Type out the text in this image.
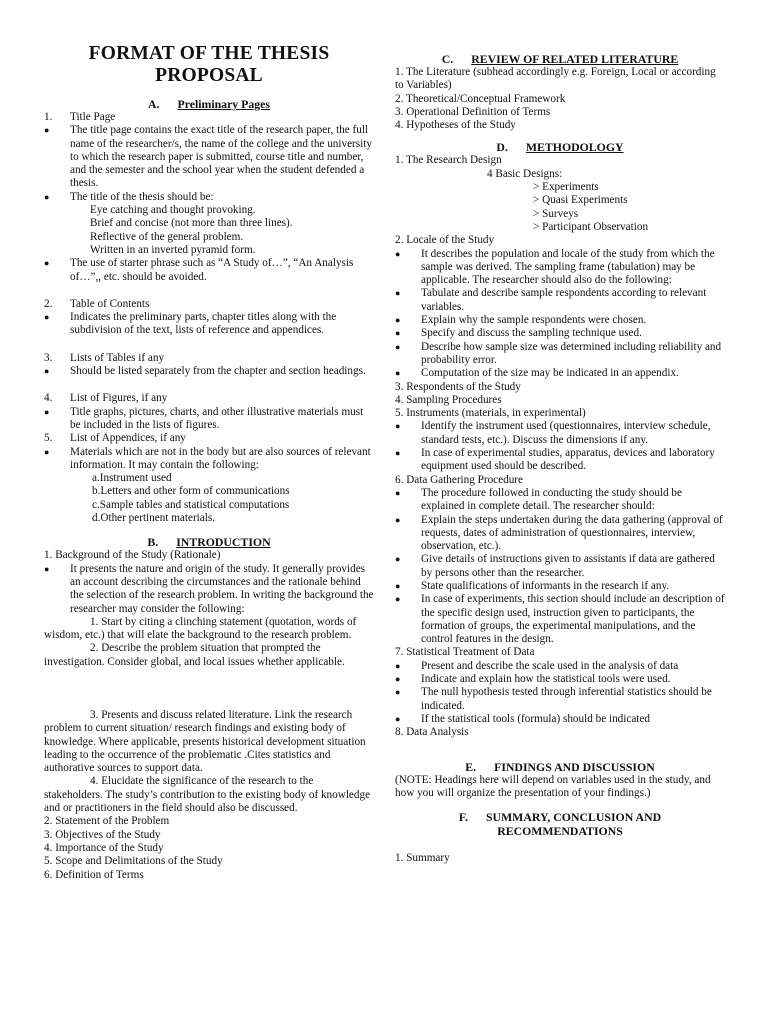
FORMAT OF THE THESIS PROPOSAL
A. Preliminary Pages
1.	Title Page
●	The title page contains the exact title of the research paper, the full name of the researcher/s, the name of the college and the university to which the research paper is submitted, course title and number, and the semester and the school year when the student defended a thesis.
●	The title of the thesis should be:
Eye catching and thought provoking.
Brief and concise (not more than three lines).
Reflective of the general problem.
Written in an inverted pyramid form.
●	The use of starter phrase such as “A Study of…”, “An Analysis of…”,, etc. should be avoided.
2.	Table of Contents
●	Indicates the preliminary parts, chapter titles along with the subdivision of the text, lists of reference and appendices.
3.	Lists of Tables if any
●	Should be listed separately from the chapter and section headings.
4.	List of Figures, if any
●	Title graphs, pictures, charts, and other illustrative materials must be included in the lists of figures.
5.	List of Appendices, if any
●	Materials which are not in the body but are also sources of relevant information. It may contain the following:
a.Instrument used
b.Letters and other form of communications
c.Sample tables and statistical computations
d.Other pertinent materials.
B. INTRODUCTION
1. Background of the Study (Rationale)
●	It presents the nature and origin of the study. It generally provides an account describing the circumstances and the rationale behind the selection of the research problem. In writing the background the researcher may consider the following:
1. Start by citing a clinching statement (quotation, words of wisdom, etc.) that will elate the background to the research problem.
2. Describe the problem situation that prompted the investigation. Consider global, and local issues whether applicable.
3. Presents and discuss related literature. Link the research problem to current situation/ research findings and existing body of knowledge. Where applicable, presents historical development situation leading to the occurrence of the problematic .Cites statistics and authorative sources to support data.
4. Elucidate the significance of the research to the stakeholders. The study’s contribution to the existing body of knowledge and or practitioners in the field should also be discussed.
2. Statement of the Problem
3. Objectives of the Study
4. Importance of the Study
5. Scope and Delimitations of the Study
6. Definition of Terms
C. REVIEW OF RELATED LITERATURE
1. The Literature (subhead accordingly e.g. Foreign, Local or according to Variables)
2. Theoretical/Conceptual Framework
3. Operational Definition of Terms
4. Hypotheses of the Study
D. METHODOLOGY
1. The Research Design
4 Basic Designs:
> Experiments
> Quasi Experiments
> Surveys
> Participant Observation
2. Locale of the Study
●	It describes the population and locale of the study from which the sample was derived. The sampling frame (tabulation) may be applicable. The researcher should also do the following:
●	Tabulate and describe sample respondents according to relevant variables.
●	Explain why the sample respondents were chosen.
●	Specify and discuss the sampling technique used.
●	Describe how sample size was determined including reliability and probability error.
●	Computation of the size may be indicated in an appendix.
3. Respondents of the Study
4. Sampling Procedures
5. Instruments (materials, in experimental)
●	Identify the instrument used (questionnaires, interview schedule, standard tests, etc.). Discuss the dimensions if any.
●	In case of experimental studies, apparatus, devices and laboratory equipment used should be described.
6. Data Gathering Procedure
●	The procedure followed in conducting the study should be explained in complete detail. The researcher should:
●	Explain the steps undertaken during the data gathering (approval of requests, dates of administration of questionnaires, interview, observation, etc.).
●	Give details of instructions given to assistants if data are gathered by persons other than the researcher.
●	State qualifications of informants in the research if any.
●	In case of experiments, this section should include an description of the specific design used, instruction given to participants, the formation of groups, the experimental manipulations, and the control features in the design.
7. Statistical Treatment of Data
●	Present and describe the scale used in the analysis of data
●	Indicate and explain how the statistical tools were used.
●	The null hypothesis tested through inferential statistics should be indicated.
●	If the statistical tools (formula) should be indicated
8. Data Analysis
E. FINDINGS AND DISCUSSION
(NOTE: Headings here will depend on variables used in the study, and how you will organize the presentation of your findings.)
F. SUMMARY, CONCLUSION AND RECOMMENDATIONS
1. Summary
